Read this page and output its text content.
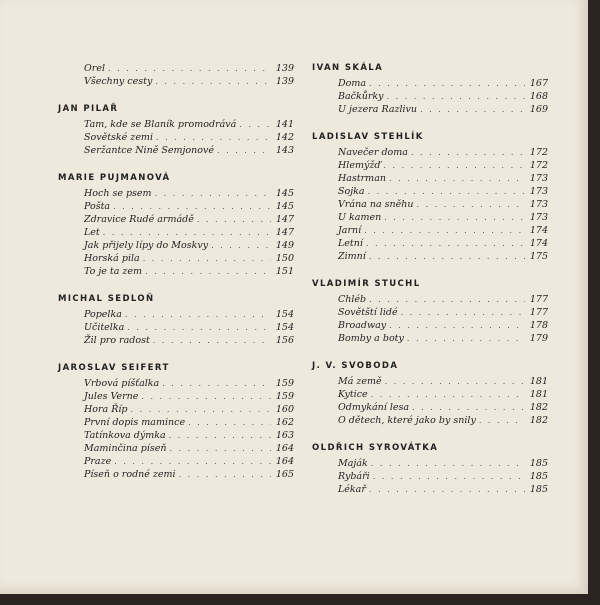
Orel . . .	139
Všechny cesty . . .	139
JAN PILAŘ
Tam, kde se Blaník promodrává . . .	141
Sovětské zemi . . .	142
Seržantce Nině Semjonové . . .	143
MARIE PUJMANOVÁ
Hoch se psem . . .	145
Pošta . . .	145
Zdravice Rudé armádě . . .	147
Let . . .	147
Jak přijely lípy do Moskvy . . .	149
Horská pila . . .	150
To je ta zem . . .	151
MICHAL SEDLOŇ
Popelka . . .	154
Učitelka . . .	154
Žil pro radost . . .	156
JAROSLAV SEIFERT
Vrbová píšťalka . . .	159
Jules Verne . . .	159
Hora Říp . . .	160
První dopis mamince . . .	162
Tatínkova dýmka . . .	163
Maminčina píseň . . .	164
Praze . . .	164
Píseň o rodné zemi . . .	165
IVAN SKÁLA
Doma . . .	167
Bačkůrky . . .	168
U jezera Razlivu . . .	169
LADISLAV STEHLÍK
Navečer doma . . .	172
Hlemýžď . . .	172
Hastrman . . .	173
Sojka . . .	173
Vrána na sněhu . . .	173
U kamen . . .	173
Jarní . . .	174
Letní . . .	174
Zimní . . .	175
VLADIMÍR STUCHL
Chléb . . .	177
Sovětští lidé . . .	177
Broadway . . .	178
Bomby a boty . . .	179
J. V. SVOBODA
Má země . . .	181
Kytice . . .	181
Odmykání lesa . . .	182
O dětech, které jako by snily . . .	182
OLDŘICH SYROVÁTKA
Maják . . .	185
Rybáři . . .	185
Lékař . . .	185
